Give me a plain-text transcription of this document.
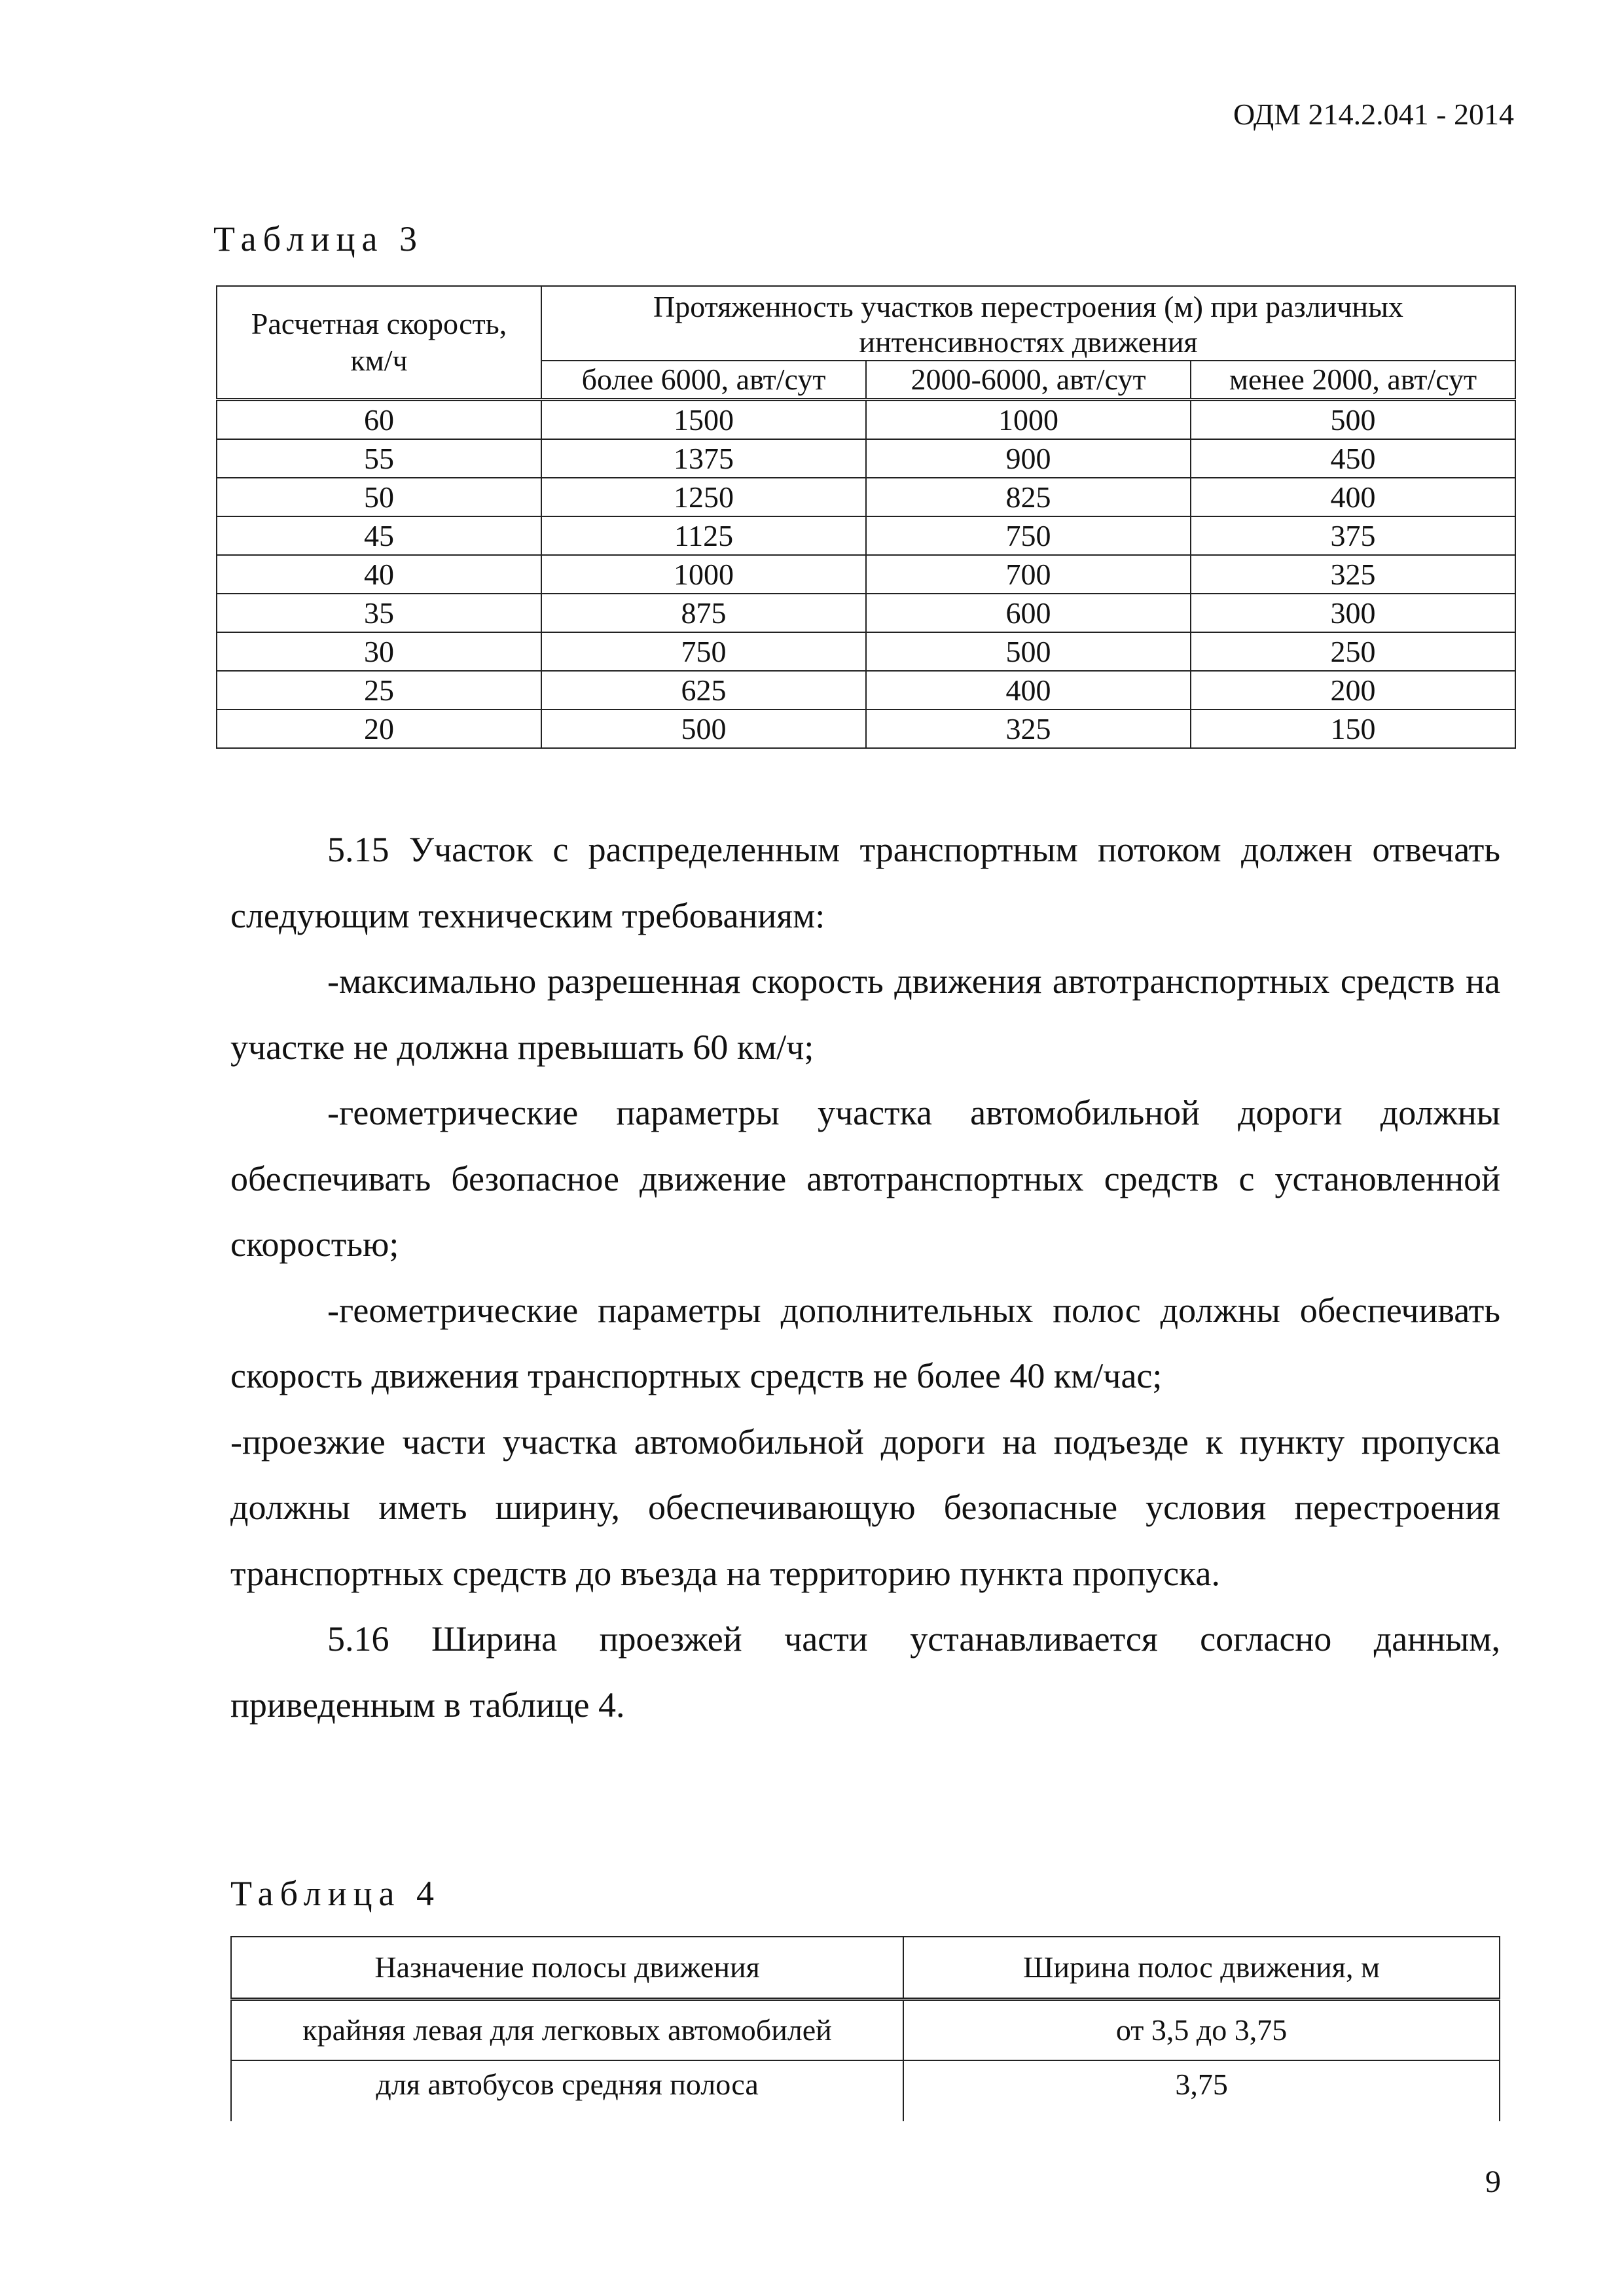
ОДМ 214.2.041 - 2014
Таблица 3
Расчетная скорость, км/ч	Протяженность участков перестроения (м) при различных интенсивностях движения		
	более 6000, авт/сут	2000-6000, авт/сут	менее 2000, авт/сут
60	1500	1000	500
55	1375	900	450
50	1250	825	400
45	1125	750	375
40	1000	700	325
35	875	600	300
30	750	500	250
25	625	400	200
20	500	325	150

5.15 Участок с распределенным транспортным потоком должен отвечать следующим техническим требованиям:

-максимально разрешенная скорость движения автотранспортных средств на участке не должна превышать 60 км/ч;

-геометрические параметры участка автомобильной дороги должны обеспечивать безопасное движение автотранспортных средств с установленной скоростью;

-геометрические параметры дополнительных полос должны обеспечивать скорость движения транспортных средств не более 40 км/час;

-проезжие части участка автомобильной дороги на подъезде к пункту пропуска должны иметь ширину, обеспечивающую безопасные условия перестроения транспортных средств до въезда на территорию пункта пропуска.

5.16 Ширина проезжей части устанавливается согласно данным, приведенным в таблице 4.

Таблица 4
Назначение полосы движения	Ширина полос движения, м
крайняя левая для легковых автомобилей	от 3,5 до 3,75
для автобусов средняя полоса	3,75
9
